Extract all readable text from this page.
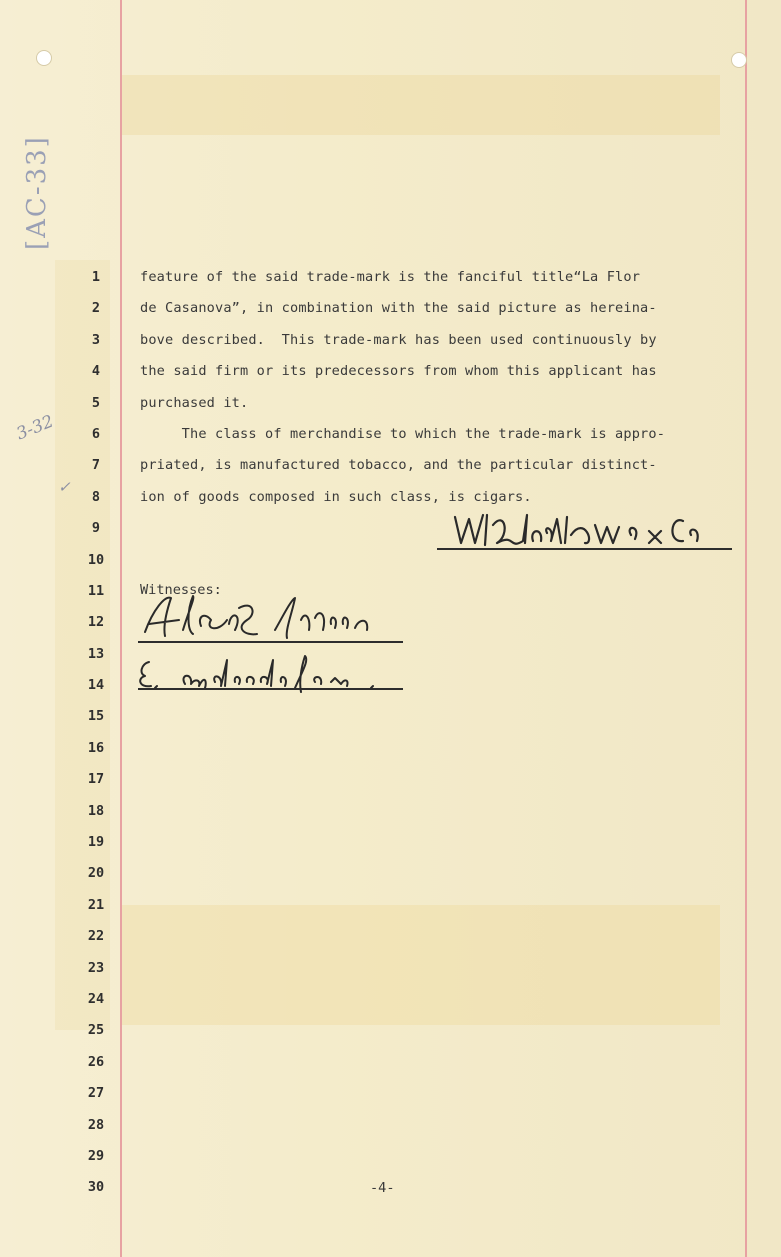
[AC-33]
3-32
✓
1
2
3
4
5
6
7
8
9
10
11
12
13
14
15
16
17
18
19
20
21
22
23
24
25
26
27
28
29
30
feature of the said trade-mark is the fanciful title“La Flor
de Casanova”, in combination with the said picture as hereina-
bove described.  This trade-mark has been used continuously by
the said firm or its predecessors from whom this applicant has
purchased it.
The class of merchandise to which the trade-mark is appro-
priated, is manufactured tobacco, and the particular distinct-
ion of goods composed in such class, is cigars.
Witnesses:
-4-
